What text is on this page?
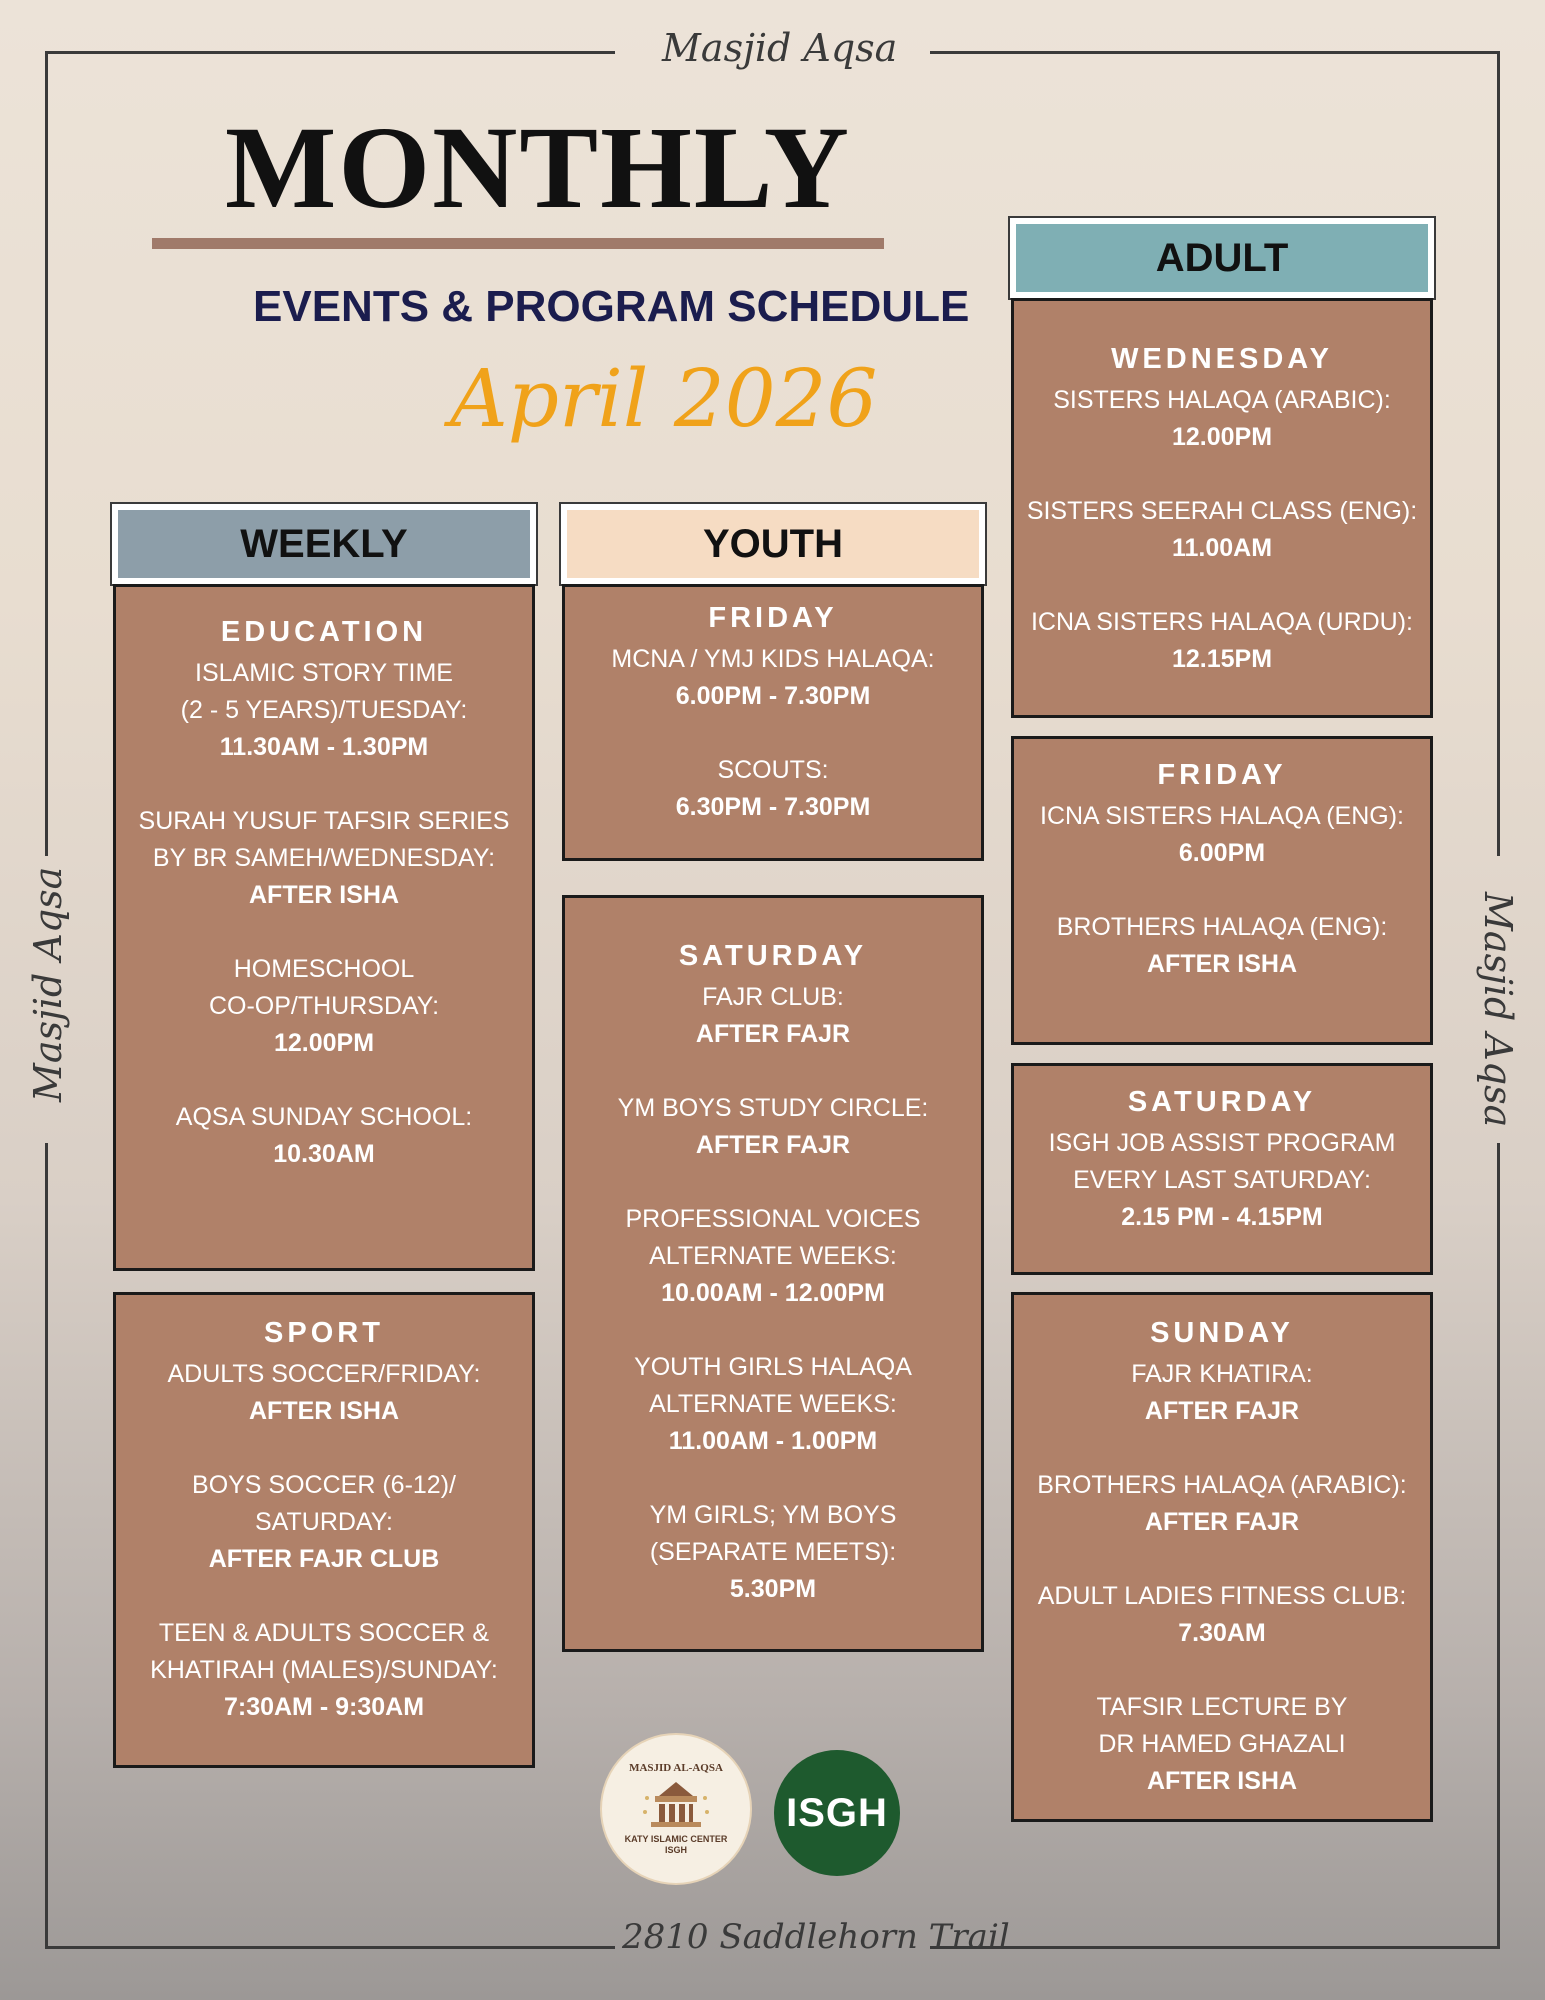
Masjid Aqsa
Masjid Aqsa	Masjid Aqsa
2810 Saddlehorn Trail
MONTHLY
EVENTS & PROGRAM SCHEDULE
April 2026
WEEKLY	YOUTH
ADULT
EDUCATION
ISLAMIC STORY TIME
(2 - 5 YEARS)/TUESDAY:
11.30AM - 1.30PM
SURAH YUSUF TAFSIR SERIES
BY BR SAMEH/WEDNESDAY:
AFTER ISHA
HOMESCHOOL
CO-OP/THURSDAY:
12.00PM
AQSA SUNDAY SCHOOL:
10.30AM
SPORT
ADULTS SOCCER/FRIDAY:
AFTER ISHA
BOYS SOCCER (6-12)/
SATURDAY:
AFTER FAJR CLUB
TEEN & ADULTS SOCCER &
KHATIRAH (MALES)/SUNDAY:
7:30AM - 9:30AM
FRIDAY
MCNA / YMJ KIDS HALAQA:
6.00PM - 7.30PM
SCOUTS:
6.30PM - 7.30PM
SATURDAY
FAJR CLUB:
AFTER FAJR
YM BOYS STUDY CIRCLE:
AFTER FAJR
PROFESSIONAL VOICES
ALTERNATE WEEKS:
10.00AM - 12.00PM
YOUTH GIRLS HALAQA
ALTERNATE WEEKS:
11.00AM - 1.00PM
YM GIRLS; YM BOYS
(SEPARATE MEETS):
5.30PM
WEDNESDAY
SISTERS HALAQA (ARABIC):
12.00PM
SISTERS SEERAH CLASS (ENG):
11.00AM
ICNA SISTERS HALAQA (URDU):
12.15PM
FRIDAY
ICNA SISTERS HALAQA (ENG):
6.00PM
BROTHERS HALAQA (ENG):
AFTER ISHA
SATURDAY
ISGH JOB ASSIST PROGRAM
EVERY LAST SATURDAY:
2.15 PM - 4.15PM
SUNDAY
FAJR KHATIRA:
AFTER FAJR
BROTHERS HALAQA (ARABIC):
AFTER FAJR
ADULT LADIES FITNESS CLUB:
7.30AM
TAFSIR LECTURE BY
DR HAMED GHAZALI
AFTER ISHA
MASJID AL-AQSA
KATY ISLAMIC CENTER
ISGH
ISGH
